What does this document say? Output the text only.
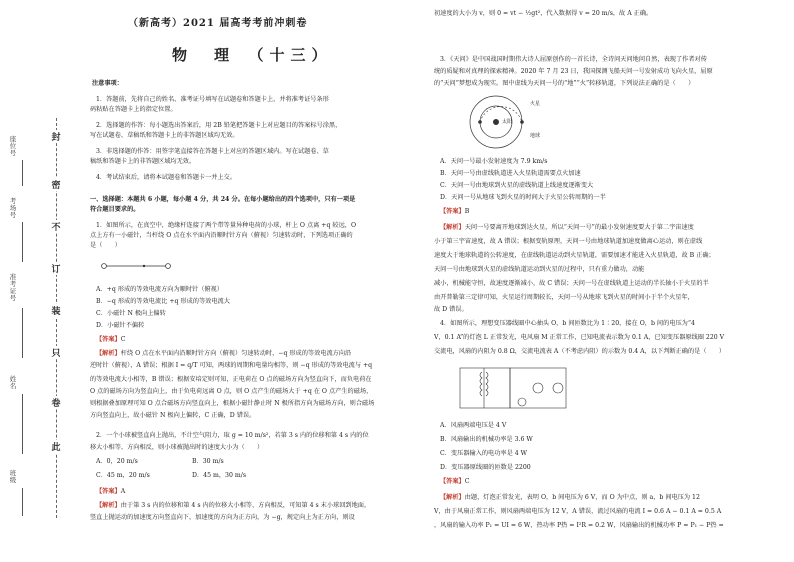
封
密
不
订
装
只
卷
此
座位号
考场号
准考证号
姓名
班级
（新高考）2021 届高考考前冲刺卷
物　理　（十三）
注意事项：
1．答题前，先将自己的姓名、准考证号填写在试题卷和答题卡上，并将准考证号条形
码粘贴在答题卡上的指定位置。
2．选择题的作答：每小题选出答案后，用 2B 铅笔把答题卡上对应题目的答案标号涂黑，
写在试题卷、草稿纸和答题卡上的非答题区域均无效。
3．非选择题的作答：用签字笔直接答在答题卡上对应的答题区域内。写在试题卷、草
稿纸和答题卡上的非答题区域均无效。
4．考试结束后，请将本试题卷和答题卡一并上交。
一、选择题：本题共 6 小题，每小题 4 分，共 24 分。在每小题给出的四个选项中，只有一项是
符合题目要求的。
1．如图所示，在真空中，绝缘杆连接了两个带等量异种电荷的小球，杆上 O 点离 +q 较远，O
点上方有一小磁针，当杆绕 O 点在水平面内沿顺时针方向（俯视）匀速转动时，下列选项正确的
是（　　）
A．+q 形成的等效电流方向为顺时针（俯视）
B．−q 形成的等效电流比 +q 形成的等效电流大
C．小磁针 N 极向上偏转
D．小磁针不偏转
【答案】C
【解析】杆绕 O 点在水平面内沿顺时针方向（俯视）匀速转动时，−q 形成的等效电流方向沿
逆时针（俯视），A 错误；根据 I = q/T 可知，两球的周期和电量均相等，则 −q 形成的等效电流与 +q
的等效电流大小相等，B 错误；根据安培定则可知，正电荷在 O 点的磁场方向为竖直向下，而负电荷在
O 点的磁场方向为竖直向上，由于负电荷远离 O 点，则 O 点产生的磁场大于 +q 在 O 点产生的磁场，
则根据叠加原理可知 O 点合磁场方向竖直向上，根据小磁针静止时 N 极所指方向为磁场方向，则合磁场
方向竖直向上，故小磁针 N 极向上偏转，C 正确，D 错误。
2．一个小球被竖直向上抛出，不计空气阻力，取 g = 10 m/s²，若第 3 s 内的位移和第 4 s 内的位
移大小相等、方向相反，则小球被抛出时的速度大小为（　　）
A．0，20 m/s	B．30 m/s
C．45 m，20 m/s	D．45 m，30 m/s
【答案】A
【解析】由于第 3 s 内的位移和第 4 s 内的位移大小相等、方向相反，可知第 4 s 末小球回到地面，
竖直上抛运动的加速度方向竖直向下，加速度的方向为正方向，为 −g，规定向上为正方向，则设
初速度的大小为 v，则 0 = vt − ½gt²，代入数据得 v = 20 m/s，故 A 正确。
3．《天问》是中国战国时期伟大诗人屈原创作的一首长诗，全诗问天问地问自然，表现了作者对传
统的质疑和对真理的探索精神。2020 年 7 月 23 日，我国探测飞船天问一号发射成功飞向火星，屈原
的“天问”梦想成为现实。图中虚线为天问一号的“地”“火”转移轨道，下列说法正确的是（　　）
太阳
地球
火星
A．天问一号最小发射速度为 7.9 km/s
B．天问一号由虚线轨道进入火星轨道需要点火加速
C．天问一号由地球到火星的虚线轨道上线速度逐渐变大
D．天问一号从地球飞到火星的时间大于火星公转周期的一半
【答案】B
【解析】天问一号要离开地球到达火星，所以“天问一号”的最小发射速度要大于第二宇宙速度
小于第三宇宙速度，故 A 错误；根据变轨原理，天问一号由地球轨道加速度做离心运动，则在虚线
速度大于地球轨道的公转速度，在虚线轨道运动到火星轨道，需要加速才能进入火星轨道，故 B 正确；
天问一号由地球到火星的虚线轨道运动到火星的过程中，只有重力做功，动能
减小，机械能守恒，故速度逐渐减小，故 C 错误；天问一号在虚线轨道上运动的半长轴小于火星的半
由开普勒第三定律可知，火星运行周期较长，天问一号从地球飞到火星的时间小于半个火星年，
故 D 错误。
4．如图所示，理想变压器线圈中心抽头 O，b 间匝数比为 1∶20，接在 O，b 间的电压为“4
V，0.1 A”的灯泡 L 正常发光，电风扇 M 正常工作，已知电流表示数为 0.1 A，已知变压器原线圈 220 V
交流电，风扇的内阻为 0.8 Ω，交流电流表 A（不考虑内阻）的示数为 0.4 A，以下判断正确的是（　　）
A．风扇两端电压是 4 V
B．风扇输出的机械功率是 3.6 W
C．变压器输入的电功率是 4 W
D．变压器原线圈的匝数是 2200
【答案】C
【解析】由题，灯泡正常发光，表明 O，b 间电压为 6 V，而 O 为中点，则 a，b 间电压为 12
V，由于风扇正常工作，则风扇两端电压为 12 V，A 错误，流过风扇的电流 I = 0.6 A − 0.1 A = 0.5 A
，风扇的输入功率 P₁ = UI = 6 W，热功率 P热 = I²R = 0.2 W，风扇输出的机械功率 P = P₁ − P热 =
